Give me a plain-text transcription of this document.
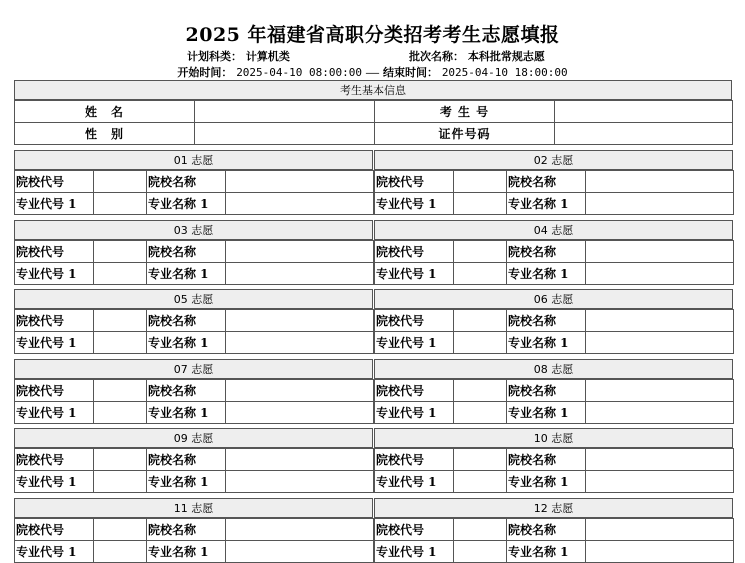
2025 年福建省高职分类招考考生志愿填报
计划科类： 计算机类	批次名称： 本科批常规志愿
开始时间： 2025-04-10 08:00:00 —— 结束时间： 2025-04-10 18:00:00
考生基本信息
姓　名		考 生 号	
性　别		证件号码	
01 志愿
院校代号		院校名称	
专业代号 1		专业名称 1	
02 志愿
院校代号		院校名称	
专业代号 1		专业名称 1	
03 志愿
院校代号		院校名称	
专业代号 1		专业名称 1	
04 志愿
院校代号		院校名称	
专业代号 1		专业名称 1	
05 志愿
院校代号		院校名称	
专业代号 1		专业名称 1	
06 志愿
院校代号		院校名称	
专业代号 1		专业名称 1	
07 志愿
院校代号		院校名称	
专业代号 1		专业名称 1	
08 志愿
院校代号		院校名称	
专业代号 1		专业名称 1	
09 志愿
院校代号		院校名称	
专业代号 1		专业名称 1	
10 志愿
院校代号		院校名称	
专业代号 1		专业名称 1	
11 志愿
院校代号		院校名称	
专业代号 1		专业名称 1	
12 志愿
院校代号		院校名称	
专业代号 1		专业名称 1	
